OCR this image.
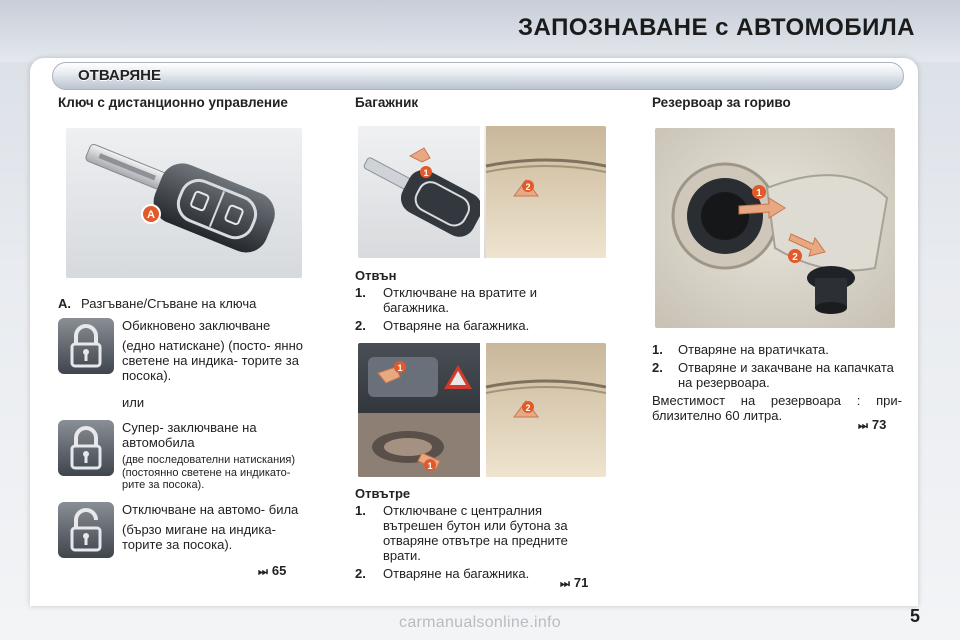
ЗАПОЗНАВАНЕ с АВТОМОБИЛА
ОТВАРЯНЕ
Ключ с дистанционно управление
A
A. Разгъване/Сгъване на ключа
Обикновено заключване
(едно натискане) (посто- янно светене на индика- торите за посока).
или
Супер- заключване на автомобила
(две последователни натискания) (постоянно светене на индикато- рите за посока).
Отключване на автомо- била
(бързо мигане на индика- торите за посока).
⏭ 65
Багажник
1
2
Отвън
1.	Отключване на вратите и багажника.
2.	Отваряне на багажника.
1
1
2
Отвътре
1.	Отключване с централния вътрешен бутон или бутона за отваряне отвътре на предните врати.
2.	Отваряне на багажника.
⏭ 71
Резервоар за гориво
1
2
1.	Отваряне на вратичката.
2.	Отваряне и закачване на капачката на резервоара.
Вместимост на резервоара : при- близително 60 литра.
⏭ 73
5
carmanualsonline.info
